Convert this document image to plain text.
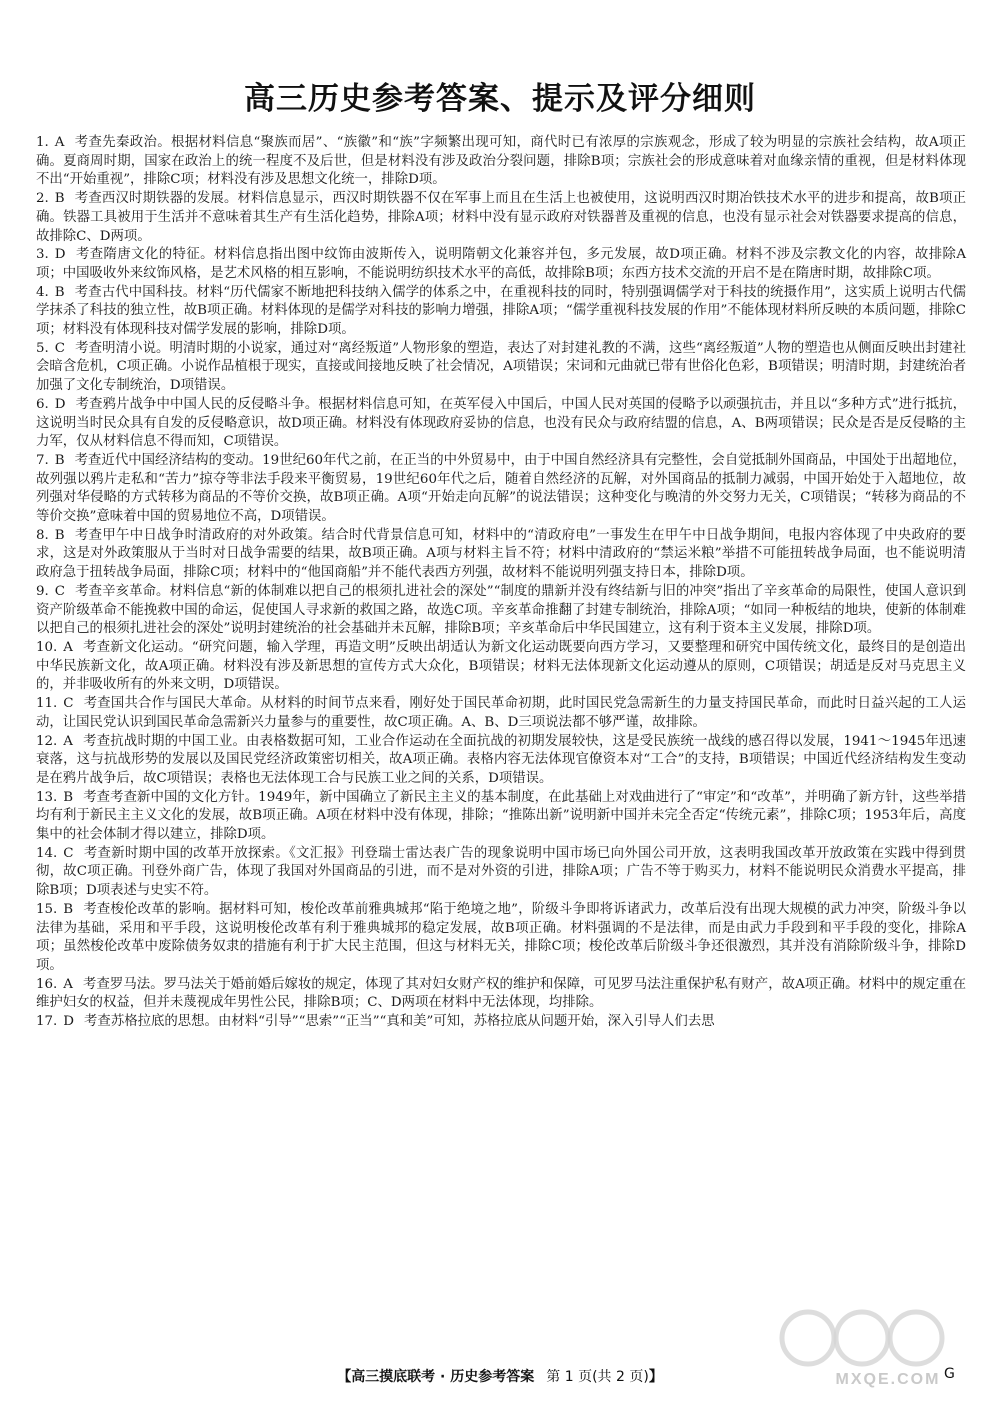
高三历史参考答案、提示及评分细则

1. A 考查先秦政治。根据材料信息“聚族而居”、“族徽”和“族”字频繁出现可知，商代时已有浓厚的宗族观念，形成了较为明显的宗族社会结构，故A项正确。夏商周时期，国家在政治上的统一程度不及后世，但是材料没有涉及政治分裂问题，排除B项；宗族社会的形成意味着对血缘亲情的重视，但是材料体现不出“开始重视”，排除C项；材料没有涉及思想文化统一，排除D项。

2. B 考查西汉时期铁器的发展。材料信息显示，西汉时期铁器不仅在军事上而且在生活上也被使用，这说明西汉时期冶铁技术水平的进步和提高，故B项正确。铁器工具被用于生活并不意味着其生产有生活化趋势，排除A项；材料中没有显示政府对铁器普及重视的信息，也没有显示社会对铁器要求提高的信息，故排除C、D两项。

3. D 考查隋唐文化的特征。材料信息指出图中纹饰由波斯传入，说明隋朝文化兼容并包，多元发展，故D项正确。材料不涉及宗教文化的内容，故排除A项；中国吸收外来纹饰风格，是艺术风格的相互影响，不能说明纺织技术水平的高低，故排除B项；东西方技术交流的开启不是在隋唐时期，故排除C项。

4. B 考查古代中国科技。材料“历代儒家不断地把科技纳入儒学的体系之中，在重视科技的同时，特别强调儒学对于科技的统摄作用”，这实质上说明古代儒学抹杀了科技的独立性，故B项正确。材料体现的是儒学对科技的影响力增强，排除A项；“儒学重视科技发展的作用”不能体现材料所反映的本质问题，排除C项；材料没有体现科技对儒学发展的影响，排除D项。

5. C 考查明清小说。明清时期的小说家，通过对“离经叛道”人物形象的塑造，表达了对封建礼教的不满，这些“离经叛道”人物的塑造也从侧面反映出封建社会暗含危机，C项正确。小说作品植根于现实，直接或间接地反映了社会情况，A项错误；宋词和元曲就已带有世俗化色彩，B项错误；明清时期，封建统治者加强了文化专制统治，D项错误。

6. D 考查鸦片战争中中国人民的反侵略斗争。根据材料信息可知，在英军侵入中国后，中国人民对英国的侵略予以顽强抗击，并且以“多种方式”进行抵抗，这说明当时民众具有自发的反侵略意识，故D项正确。材料没有体现政府妥协的信息，也没有民众与政府结盟的信息，A、B两项错误；民众是否是反侵略的主力军，仅从材料信息不得而知，C项错误。

7. B 考查近代中国经济结构的变动。19世纪60年代之前，在正当的中外贸易中，由于中国自然经济具有完整性，会自觉抵制外国商品，中国处于出超地位，故列强以鸦片走私和“苦力”掠夺等非法手段来平衡贸易，19世纪60年代之后，随着自然经济的瓦解，对外国商品的抵制力减弱，中国开始处于入超地位，故列强对华侵略的方式转移为商品的不等价交换，故B项正确。A项“开始走向瓦解”的说法错误；这种变化与晚清的外交努力无关，C项错误；“转移为商品的不等价交换”意味着中国的贸易地位不高，D项错误。

8. B 考查甲午中日战争时清政府的对外政策。结合时代背景信息可知，材料中的“清政府电”一事发生在甲午中日战争期间，电报内容体现了中央政府的要求，这是对外政策服从于当时对日战争需要的结果，故B项正确。A项与材料主旨不符；材料中清政府的“禁运米粮”举措不可能扭转战争局面，也不能说明清政府急于扭转战争局面，排除C项；材料中的“他国商船”并不能代表西方列强，故材料不能说明列强支持日本，排除D项。

9. C 考查辛亥革命。材料信息“新的体制难以把自己的根须扎进社会的深处”“制度的鼎新并没有终结新与旧的冲突”指出了辛亥革命的局限性，使国人意识到资产阶级革命不能挽救中国的命运，促使国人寻求新的救国之路，故选C项。辛亥革命推翻了封建专制统治，排除A项；“如同一种板结的地块，使新的体制难以把自己的根须扎进社会的深处”说明封建统治的社会基础并未瓦解，排除B项；辛亥革命后中华民国建立，这有利于资本主义发展，排除D项。

10. A 考查新文化运动。“研究问题，输入学理，再造文明”反映出胡适认为新文化运动既要向西方学习，又要整理和研究中国传统文化，最终目的是创造出中华民族新文化，故A项正确。材料没有涉及新思想的宣传方式大众化，B项错误；材料无法体现新文化运动遵从的原则，C项错误；胡适是反对马克思主义的，并非吸收所有的外来文明，D项错误。

11. C 考查国共合作与国民大革命。从材料的时间节点来看，刚好处于国民革命初期，此时国民党急需新生的力量支持国民革命，而此时日益兴起的工人运动，让国民党认识到国民革命急需新兴力量参与的重要性，故C项正确。A、B、D三项说法都不够严谨，故排除。

12. A 考查抗战时期的中国工业。由表格数据可知，工业合作运动在全面抗战的初期发展较快，这是受民族统一战线的感召得以发展，1941～1945年迅速衰落，这与抗战形势的发展以及国民党经济政策密切相关，故A项正确。表格内容无法体现官僚资本对“工合”的支持，B项错误；中国近代经济结构发生变动是在鸦片战争后，故C项错误；表格也无法体现工合与民族工业之间的关系，D项错误。

13. B 考查考查新中国的文化方针。1949年，新中国确立了新民主主义的基本制度，在此基础上对戏曲进行了“审定”和“改革”，并明确了新方针，这些举措均有利于新民主主义文化的发展，故B项正确。A项在材料中没有体现，排除；“推陈出新”说明新中国并未完全否定“传统元素”，排除C项；1953年后，高度集中的社会体制才得以建立，排除D项。

14. C 考查新时期中国的改革开放探索。《文汇报》刊登瑞士雷达表广告的现象说明中国市场已向外国公司开放，这表明我国改革开放政策在实践中得到贯彻，故C项正确。刊登外商广告，体现了我国对外国商品的引进，而不是对外资的引进，排除A项；广告不等于购买力，材料不能说明民众消费水平提高，排除B项；D项表述与史实不符。

15. B 考查梭伦改革的影响。据材料可知，梭伦改革前雅典城邦“陷于绝境之地”，阶级斗争即将诉诸武力，改革后没有出现大规模的武力冲突，阶级斗争以法律为基础，采用和平手段，这说明梭伦改革有利于雅典城邦的稳定发展，故B项正确。材料强调的不是法律，而是由武力手段到和平手段的变化，排除A项；虽然梭伦改革中废除债务奴隶的措施有利于扩大民主范围，但这与材料无关，排除C项；梭伦改革后阶级斗争还很激烈，其并没有消除阶级斗争，排除D项。

16. A 考查罗马法。罗马法关于婚前婚后嫁妆的规定，体现了其对妇女财产权的维护和保障，可见罗马法注重保护私有财产，故A项正确。材料中的规定重在维护妇女的权益，但并未蔑视成年男性公民，排除B项；C、D两项在材料中无法体现，均排除。

17. D 考查苏格拉底的思想。由材料“引导”“思索”“正当”“真和美”可知，苏格拉底从问题开始，深入引导人们去思

【高三摸底联考 · 历史参考答案 第 1 页(共 2 页)】	G
MXQE.COM
